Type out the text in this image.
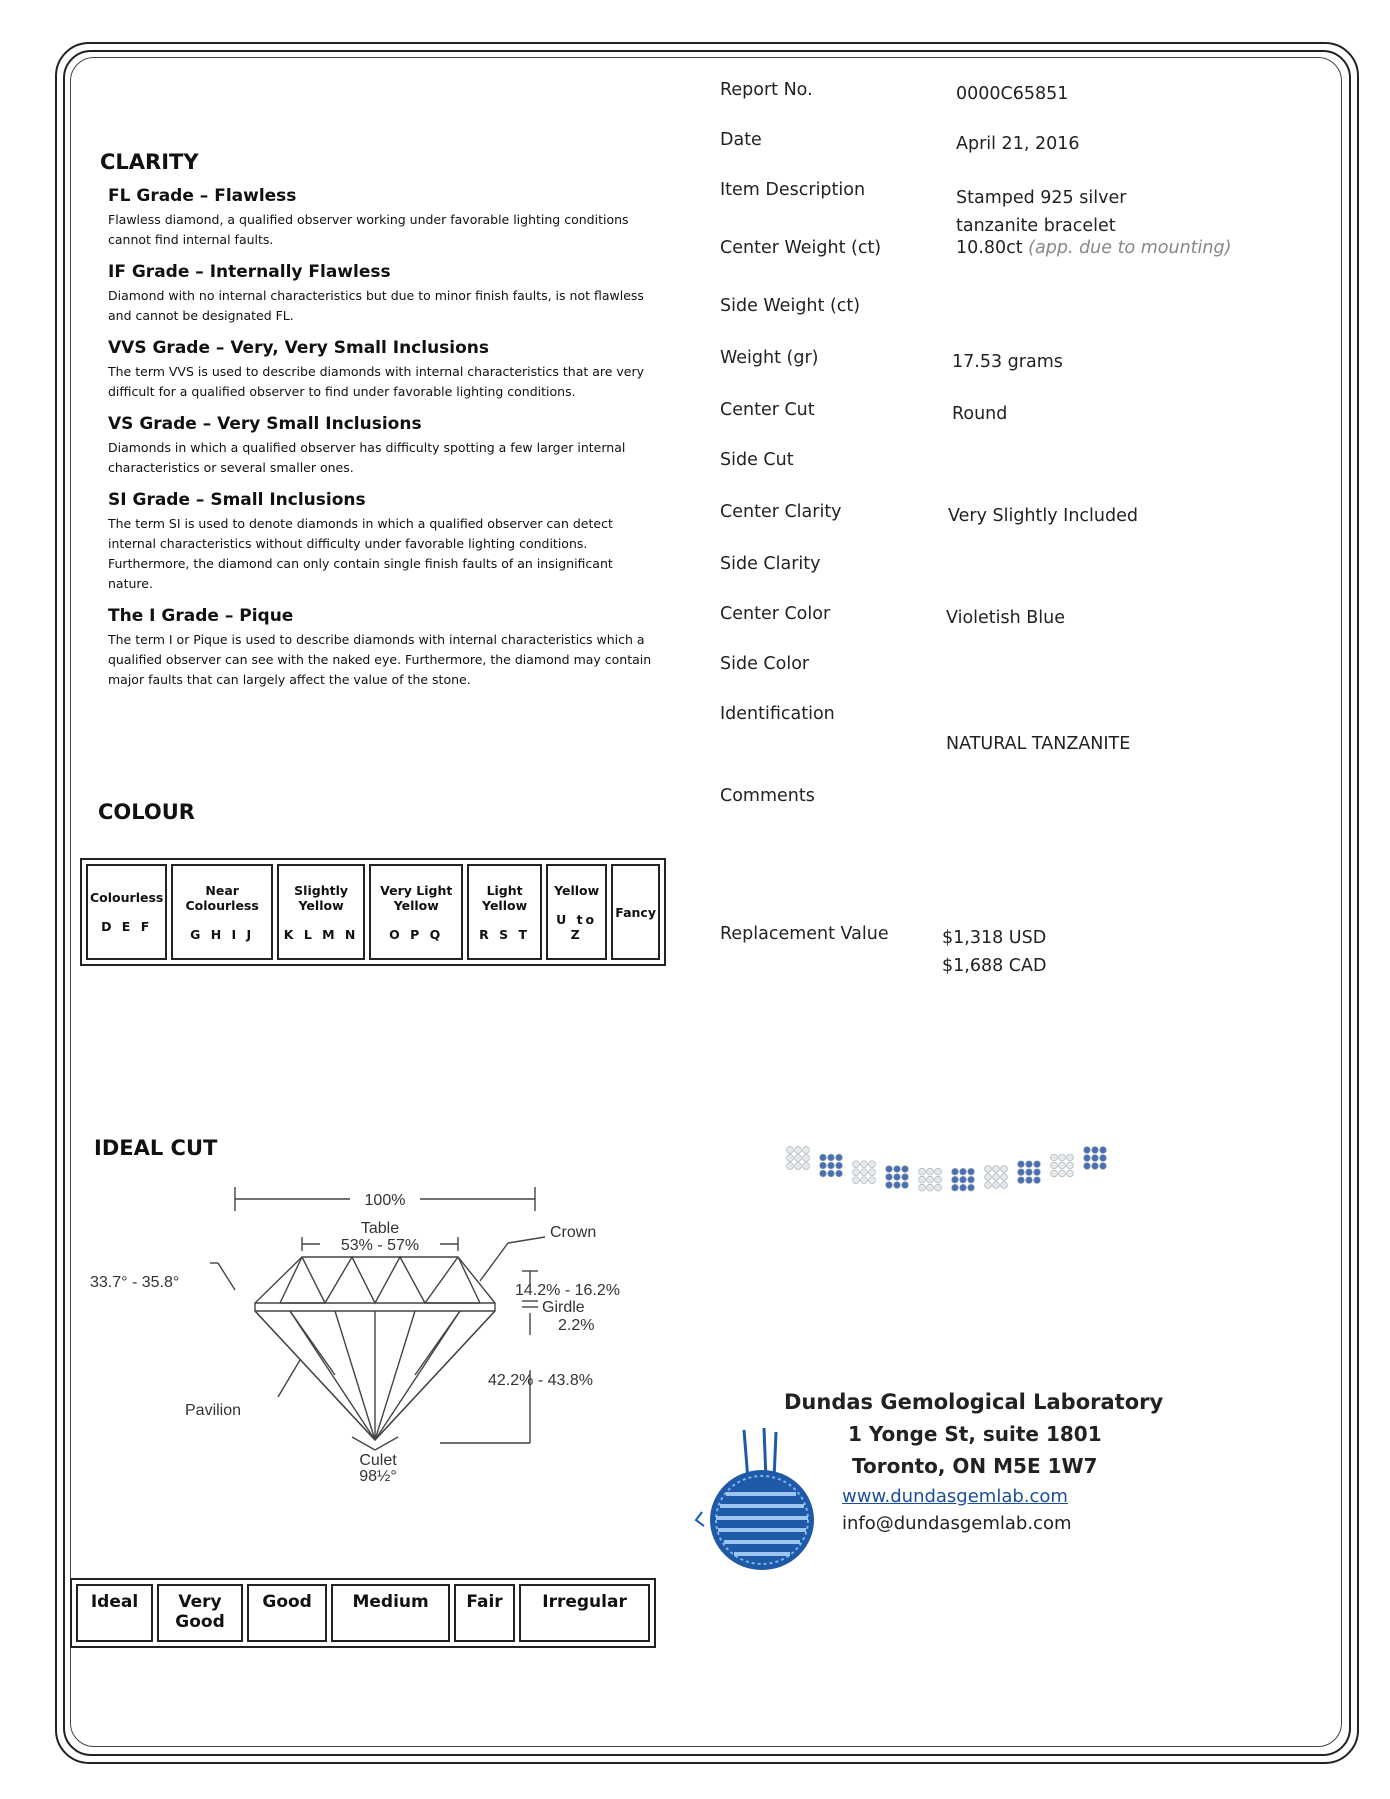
CLARITY
FL Grade – Flawless
Flawless diamond, a qualified observer working under favorable lighting conditions cannot find internal faults.
IF Grade – Internally Flawless
Diamond with no internal characteristics but due to minor finish faults, is not flawless and cannot be designated FL.
VVS Grade – Very, Very Small Inclusions
The term VVS is used to describe diamonds with internal characteristics that are very difficult for a qualified observer to find under favorable lighting conditions.
VS Grade – Very Small Inclusions
Diamonds in which a qualified observer has difficulty spotting a few larger internal characteristics or several smaller ones.
SI Grade – Small Inclusions
The term SI is used to denote diamonds in which a qualified observer can detect internal characteristics without difficulty under favorable lighting conditions. Furthermore, the diamond can only contain single finish faults of an insignificant nature.
The I Grade – Pique
The term I or Pique is used to describe diamonds with internal characteristics which a qualified observer can see with the naked eye. Furthermore, the diamond may contain major faults that can largely affect the value of the stone.
COLOUR
Colourless
D E F
	Near Colourless
G H I J
	Slightly Yellow
K L M N
	Very Light Yellow
O P Q
	Light Yellow
R S T
	Yellow
U to Z
	Fancy
IDEAL CUT
100%
Table
53% - 57%
Crown
33.7° - 35.8°	14.2% - 16.2%
Girdle
2.2%
42.2% - 43.8%
Pavilion
Culet
98½°
Ideal	Very Good	Good	Medium	Fair	Irregular
Report No.	0000C65851
Date	April 21, 2016
Item Description	Stamped 925 silver
tanzanite bracelet
Center Weight (ct)	10.80ct (app. due to mounting)
Side Weight (ct)
Weight (gr)	17.53 grams
Center Cut	Round
Side Cut
Center Clarity	Very Slightly Included
Side Clarity
Center Color	Violetish Blue
Side Color
Identification
NATURAL TANZANITE
Comments
Replacement Value	$1,318 USD
$1,688 CAD
Dundas Gemological Laboratory
1 Yonge St, suite 1801
Toronto, ON M5E 1W7
www.dundasgemlab.com
info@dundasgemlab.com
